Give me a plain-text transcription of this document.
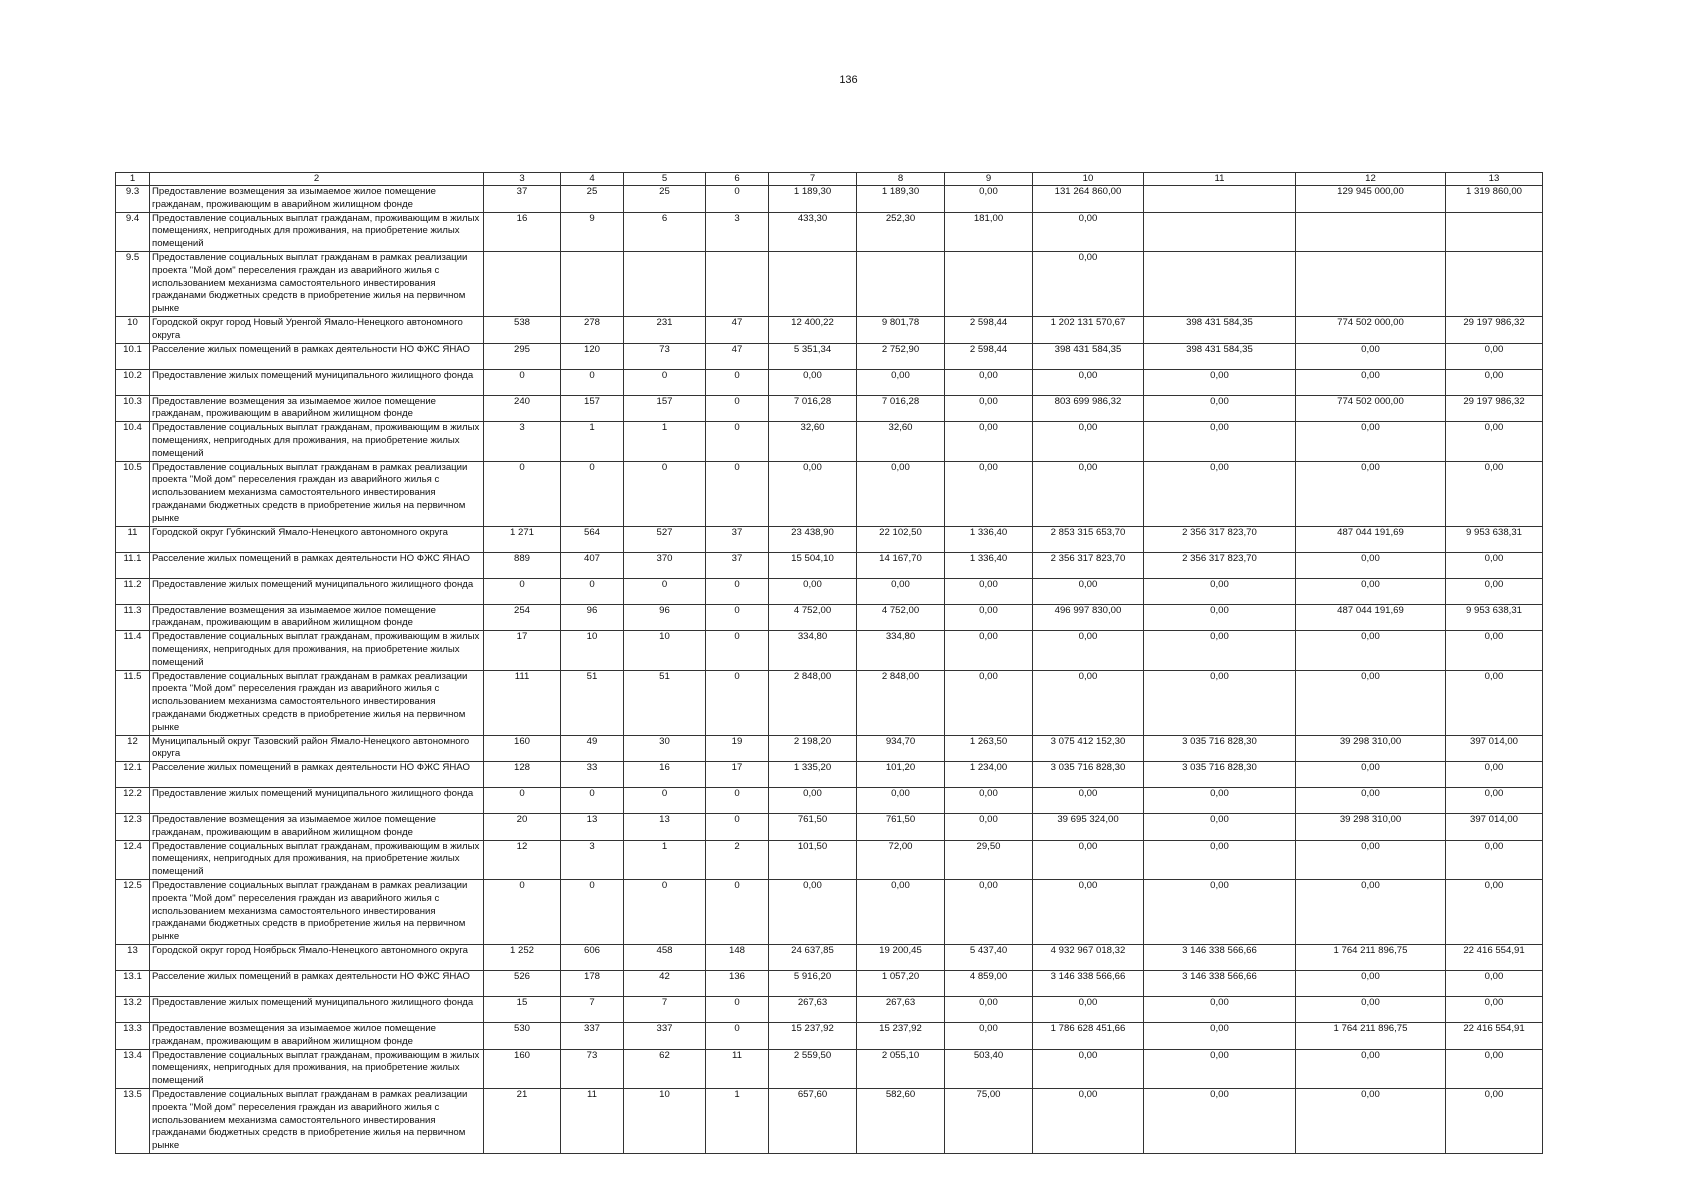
136
1	2	3	4	5	6	7	8	9	10	11	12	13
9.3	Предоставление возмещения за изымаемое жилое помещение гражданам, проживающим в аварийном жилищном фонде	37	25	25	0	1 189,30	1 189,30	0,00	131 264 860,00		129 945 000,00	1 319 860,00
9.4	Предоставление социальных выплат гражданам, проживающим в жилых помещениях, непригодных для проживания, на приобретение жилых помещений	16	9	6	3	433,30	252,30	181,00	0,00			
9.5	Предоставление социальных выплат гражданам в рамках реализации проекта "Мой дом" переселения граждан из аварийного жилья с использованием механизма самостоятельного инвестирования гражданами бюджетных средств в приобретение жилья на первичном рынке								0,00			
10	Городской округ город Новый Уренгой Ямало-Ненецкого автономного округа	538	278	231	47	12 400,22	9 801,78	2 598,44	1 202 131 570,67	398 431 584,35	774 502 000,00	29 197 986,32
10.1	Расселение жилых помещений в рамках деятельности НО ФЖС ЯНАО	295	120	73	47	5 351,34	2 752,90	2 598,44	398 431 584,35	398 431 584,35	0,00	0,00
10.2	Предоставление жилых помещений муниципального жилищного фонда	0	0	0	0	0,00	0,00	0,00	0,00	0,00	0,00	0,00
10.3	Предоставление возмещения за изымаемое жилое помещение гражданам, проживающим в аварийном жилищном фонде	240	157	157	0	7 016,28	7 016,28	0,00	803 699 986,32	0,00	774 502 000,00	29 197 986,32
10.4	Предоставление социальных выплат гражданам, проживающим в жилых помещениях, непригодных для проживания, на приобретение жилых помещений	3	1	1	0	32,60	32,60	0,00	0,00	0,00	0,00	0,00
10.5	Предоставление социальных выплат гражданам в рамках реализации проекта "Мой дом" переселения граждан из аварийного жилья с использованием механизма самостоятельного инвестирования гражданами бюджетных средств в приобретение жилья на первичном рынке	0	0	0	0	0,00	0,00	0,00	0,00	0,00	0,00	0,00
11	Городской округ Губкинский Ямало-Ненецкого автономного округа	1 271	564	527	37	23 438,90	22 102,50	1 336,40	2 853 315 653,70	2 356 317 823,70	487 044 191,69	9 953 638,31
11.1	Расселение жилых помещений в рамках деятельности НО ФЖС ЯНАО	889	407	370	37	15 504,10	14 167,70	1 336,40	2 356 317 823,70	2 356 317 823,70	0,00	0,00
11.2	Предоставление жилых помещений муниципального жилищного фонда	0	0	0	0	0,00	0,00	0,00	0,00	0,00	0,00	0,00
11.3	Предоставление возмещения за изымаемое жилое помещение гражданам, проживающим в аварийном жилищном фонде	254	96	96	0	4 752,00	4 752,00	0,00	496 997 830,00	0,00	487 044 191,69	9 953 638,31
11.4	Предоставление социальных выплат гражданам, проживающим в жилых помещениях, непригодных для проживания, на приобретение жилых помещений	17	10	10	0	334,80	334,80	0,00	0,00	0,00	0,00	0,00
11.5	Предоставление социальных выплат гражданам в рамках реализации проекта "Мой дом" переселения граждан из аварийного жилья с использованием механизма самостоятельного инвестирования гражданами бюджетных средств в приобретение жилья на первичном рынке	111	51	51	0	2 848,00	2 848,00	0,00	0,00	0,00	0,00	0,00
12	Муниципальный округ Тазовский район Ямало-Ненецкого автономного округа	160	49	30	19	2 198,20	934,70	1 263,50	3 075 412 152,30	3 035 716 828,30	39 298 310,00	397 014,00
12.1	Расселение жилых помещений в рамках деятельности НО ФЖС ЯНАО	128	33	16	17	1 335,20	101,20	1 234,00	3 035 716 828,30	3 035 716 828,30	0,00	0,00
12.2	Предоставление жилых помещений муниципального жилищного фонда	0	0	0	0	0,00	0,00	0,00	0,00	0,00	0,00	0,00
12.3	Предоставление возмещения за изымаемое жилое помещение гражданам, проживающим в аварийном жилищном фонде	20	13	13	0	761,50	761,50	0,00	39 695 324,00	0,00	39 298 310,00	397 014,00
12.4	Предоставление социальных выплат гражданам, проживающим в жилых помещениях, непригодных для проживания, на приобретение жилых помещений	12	3	1	2	101,50	72,00	29,50	0,00	0,00	0,00	0,00
12.5	Предоставление социальных выплат гражданам в рамках реализации проекта "Мой дом" переселения граждан из аварийного жилья с использованием механизма самостоятельного инвестирования гражданами бюджетных средств в приобретение жилья на первичном рынке	0	0	0	0	0,00	0,00	0,00	0,00	0,00	0,00	0,00
13	Городской округ город Ноябрьск Ямало-Ненецкого автономного округа	1 252	606	458	148	24 637,85	19 200,45	5 437,40	4 932 967 018,32	3 146 338 566,66	1 764 211 896,75	22 416 554,91
13.1	Расселение жилых помещений в рамках деятельности НО ФЖС ЯНАО	526	178	42	136	5 916,20	1 057,20	4 859,00	3 146 338 566,66	3 146 338 566,66	0,00	0,00
13.2	Предоставление жилых помещений муниципального жилищного фонда	15	7	7	0	267,63	267,63	0,00	0,00	0,00	0,00	0,00
13.3	Предоставление возмещения за изымаемое жилое помещение гражданам, проживающим в аварийном жилищном фонде	530	337	337	0	15 237,92	15 237,92	0,00	1 786 628 451,66	0,00	1 764 211 896,75	22 416 554,91
13.4	Предоставление социальных выплат гражданам, проживающим в жилых помещениях, непригодных для проживания, на приобретение жилых помещений	160	73	62	11	2 559,50	2 055,10	503,40	0,00	0,00	0,00	0,00
13.5	Предоставление социальных выплат гражданам в рамках реализации проекта "Мой дом" переселения граждан из аварийного жилья с использованием механизма самостоятельного инвестирования гражданами бюджетных средств в приобретение жилья на первичном рынке	21	11	10	1	657,60	582,60	75,00	0,00	0,00	0,00	0,00
